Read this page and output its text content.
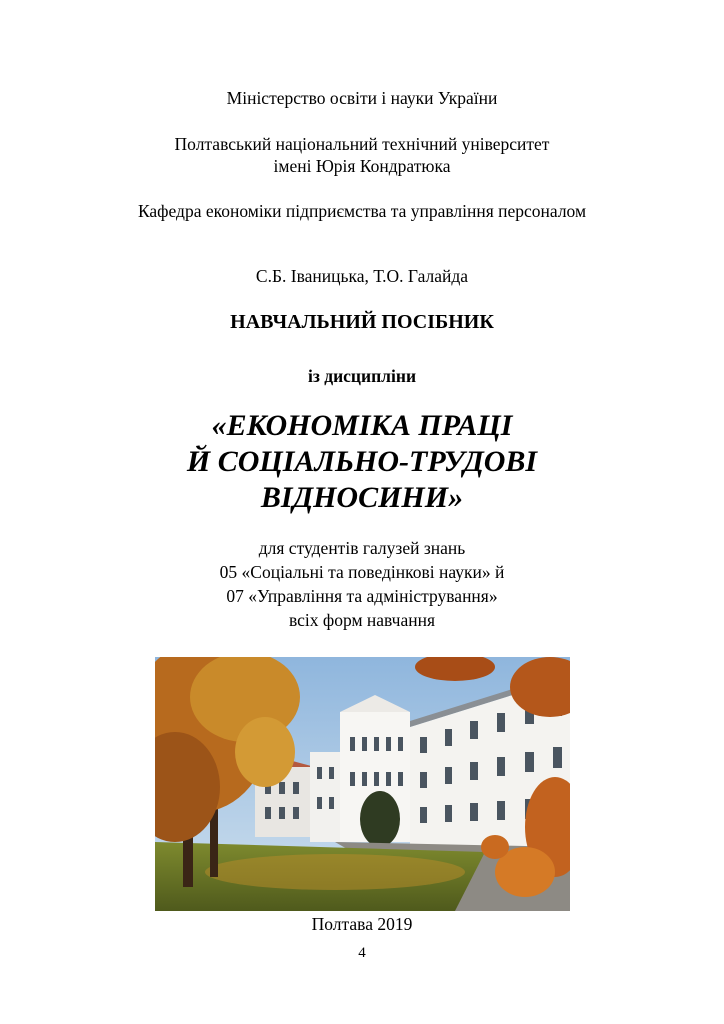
Міністерство освіти і науки України
Полтавський національний технічний університет
імені Юрія Кондратюка
Кафедра економіки підприємства та управління персоналом
С.Б. Іваницька, Т.О. Галайда
НАВЧАЛЬНИЙ ПОСІБНИК
із дисципліни
«ЕКОНОМІКА ПРАЦІ
Й СОЦІАЛЬНО-ТРУДОВІ
ВІДНОСИНИ»
для студентів галузей знань
05 «Соціальні та поведінкові науки» й
07 «Управління та адміністрування»
всіх форм навчання
Полтава 2019
4
